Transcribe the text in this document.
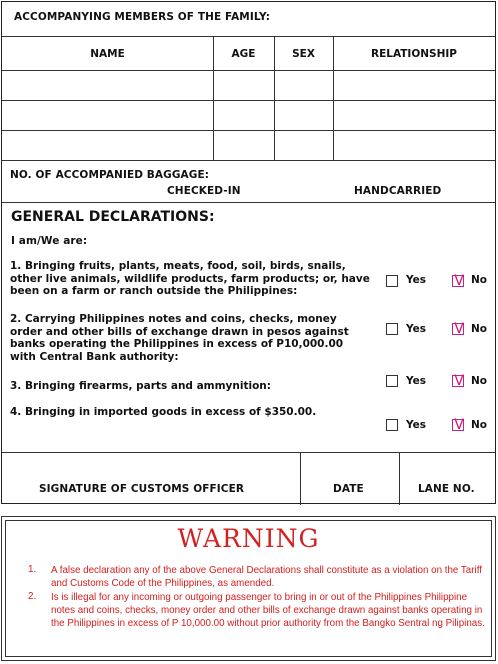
ACCOMPANYING MEMBERS OF THE FAMILY:
NAME	AGE	SEX	RELATIONSHIP
NO. OF ACCOMPANIED BAGGAGE:
CHECKED-IN	HANDCARRIED
GENERAL DECLARATIONS:
I am/We are:
1. Bringing fruits, plants, meats, food, soil, birds, snails, other live animals, wildlife products, farm products; or, have been on a farm or ranch outside the Philippines:
Yes V No
2. Carrying Philippines notes and coins, checks, money order and other bills of exchange drawn in pesos against banks operating the Philippines in excess of P10,000.00 with Central Bank authority:
Yes V No
3. Bringing firearms, parts and ammynition:	Yes V No
4. Bringing in imported goods in excess of $350.00.
Yes V No
SIGNATURE OF CUSTOMS OFFICER	DATE	LANE NO.
WARNING
1. A false declaration any of the above General Declarations shall constitute as a violation on the Tariff and Customs Code of the Philippines, as amended.
2. Is is illegal for any incoming or outgoing passenger to bring in or out of the Philippines Philippine notes and coins, checks, money order and other bills of exchange drawn against banks operating in the Philippines in excess of P 10,000.00 without prior authority from the Bangko Sentral ng Pilipinas.
